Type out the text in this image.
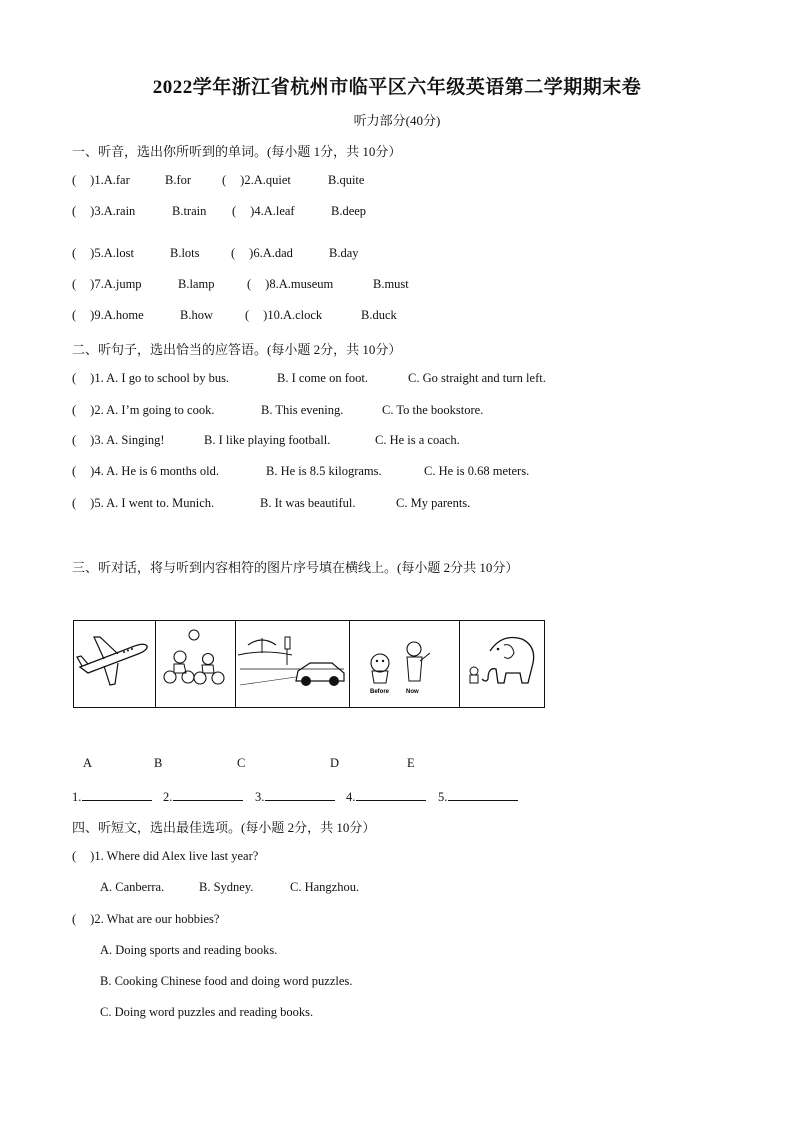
2022学年浙江省杭州市临平区六年级英语第二学期期末卷
听力部分(40分)
一、听音，选出你所听到的单词。(每小题 1分，共 10分）
( )1.A.far	B.for ( )2.A.quiet	B.quite
( )3.A.rain	B.train ( )4.A.leaf	B.deep
( )5.A.lost	B.lots	( )6.A.dad	B.day
( )7.A.jump	B.lamp	( )8.A.museum	B.must
( )9.A.home	B.how	( )10.A.clock	B.duck
二、听句子，选出恰当的应答语。(每小题 2分，共 10分）
( )1. A. I go to school by bus.	B. I come on foot.	C. Go straight and turn left.
( )2. A. I’m going to cook.	B. This evening.	C. To the bookstore.
( )3. A. Singing!	B. I like playing football.	C. He is a coach.
( )4. A. He is 6 months old.	B. He is 8.5 kilograms.	C. He is 0.68 meters.
( )5. A. I went to. Munich.	B. It was beautiful.	C. My parents.
三、听对话，将与听到内容相符的图片序号填在横线上。(每小题 2分共 10分）
Before	Now
A	B	C	D	E
1.	2.	3.	4.	5.
四、听短文，选出最佳选项。(每小题 2分，共 10分）
( )1. Where did Alex live last year?
A. Canberra.	B. Sydney.	C. Hangzhou.
( )2. What are our hobbies?
A. Doing sports and reading books.
B. Cooking Chinese food and doing word puzzles.
C. Doing word puzzles and reading books.
